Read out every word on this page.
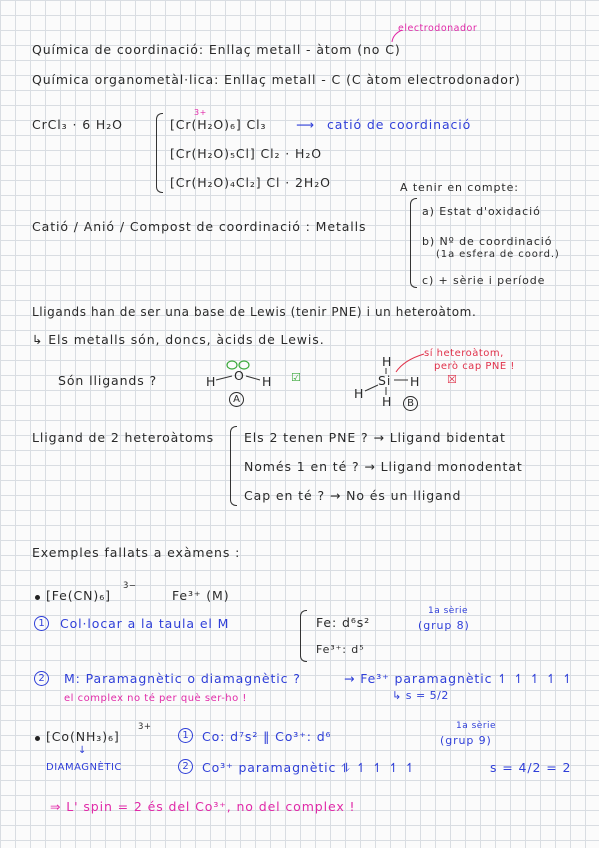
electrodonador
Química de coordinació: Enllaç metall - àtom (no C)
Química organometàl·lica: Enllaç metall - C (C àtom electrodonador)
CrCl₃ · 6 H₂O
3+
[Cr(H₂O)₆] Cl₃ ⟶ catió de coordinació
[Cr(H₂O)₅Cl] Cl₂ · H₂O
[Cr(H₂O)₄Cl₂] Cl · 2H₂O	A tenir en compte:
Catió / Anió / Compost de coordinació : Metalls
a) Estat d'oxidació
b) Nº de coordinació
(1a esfera de coord.)
c) + sèrie i període
Lligands han de ser una base de Lewis (tenir PNE) i un heteroàtom.
↳ Els metalls són, doncs, àcids de Lewis.
Són lligands ?	H O H
A
☑
H
Si H
H
H	B
sí heteroàtom,
però cap PNE !
☒
Lligand de 2 heteroàtoms Els 2 tenen PNE ? → Lligand bidentat
Només 1 en té ? → Lligand monodentat
Cap en té ? → No és un lligand
Exemples fallats a exàmens :
[Fe(CN)₆]
3−
Fe³⁺ (M)
1a sèrie
1	Col·locar a la taula el M	Fe: d⁶s²	(grup 8)
Fe³⁺: d⁵
2	M: Paramagnètic o diamagnètic ?	→ Fe³⁺ paramagnètic ↿ ↿ ↿ ↿ ↿
el complex no té per què ser-ho !	↳ s = 5/2
[Co(NH₃)₆]
3+
↓
DIAMAGNÈTIC
1	Co: d⁷s² ‖ Co³⁺: d⁶
1a sèrie
(grup 9)
2	Co³⁺ paramagnètic ⥮ ↿ ↿ ↿ ↿	s = 4/2 = 2
⇒ L' spin = 2 és del Co³⁺, no del complex !
